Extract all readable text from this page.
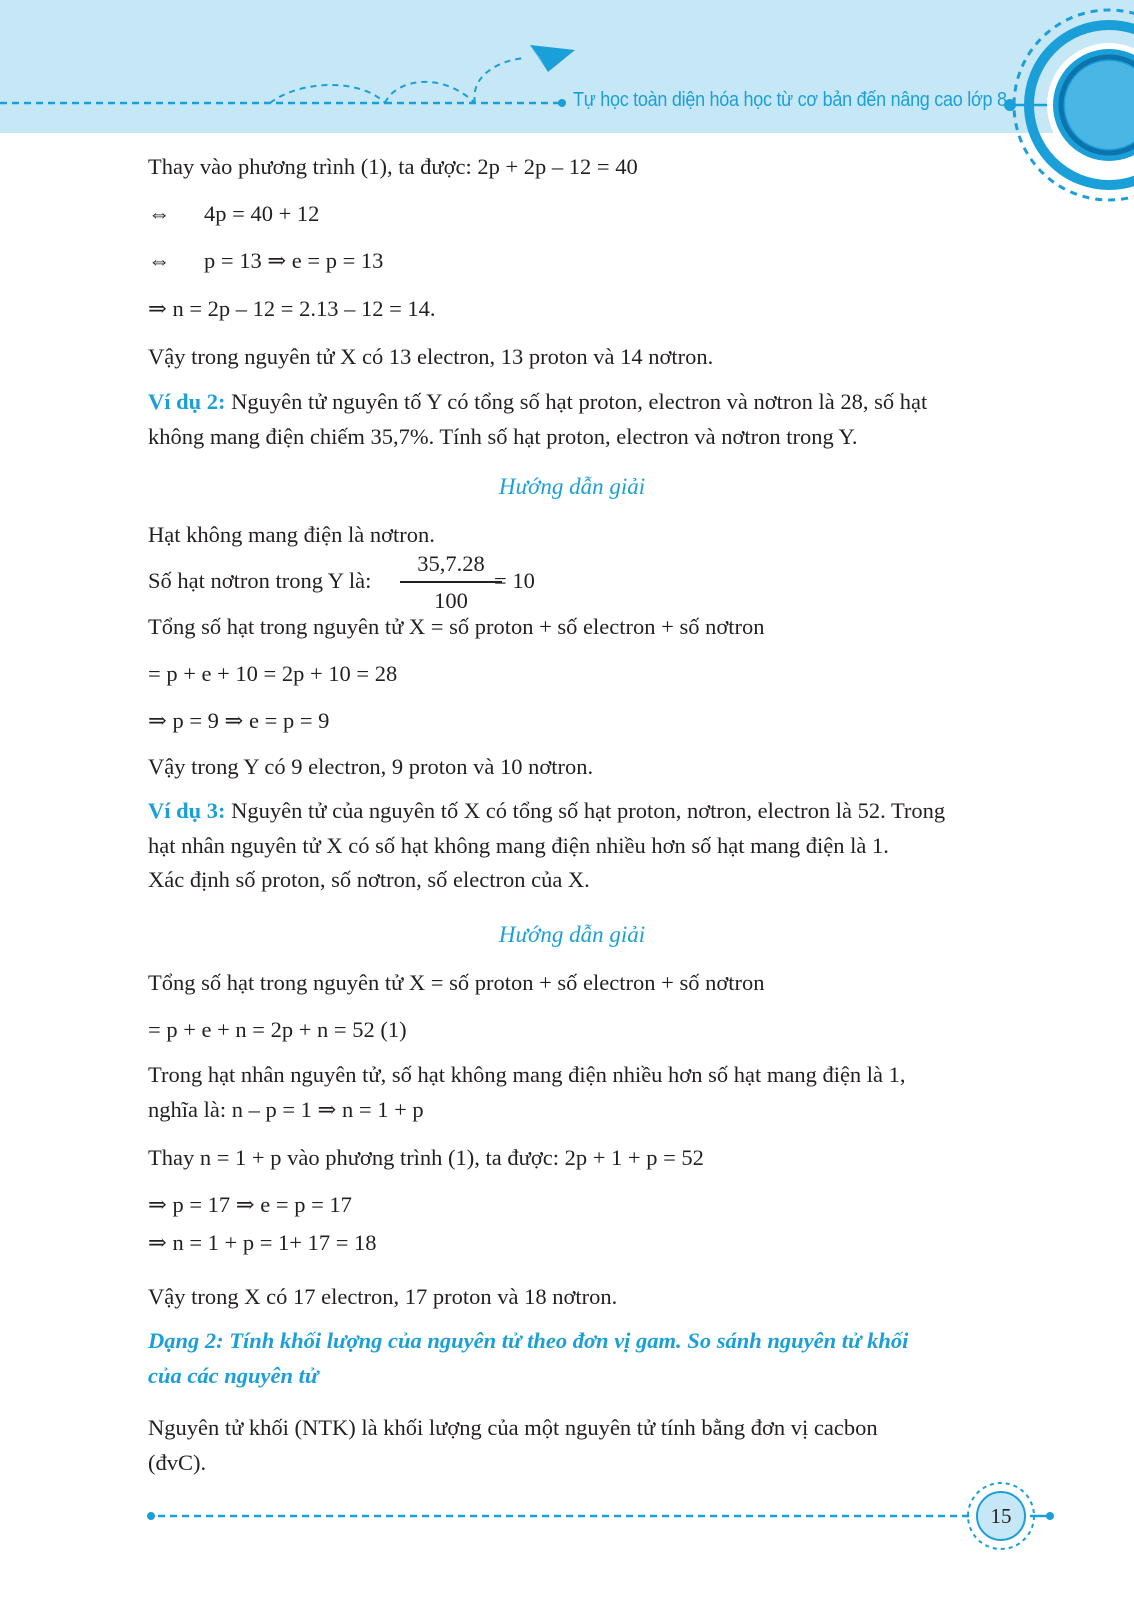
Tự học toàn diện hóa học từ cơ bản đến nâng cao lớp 8
Thay vào phương trình (1), ta được: 2p + 2p – 12 = 40
⇔ 4p = 40 + 12
⇔ p = 13 ⇒ e = p = 13
⇒ n = 2p – 12 = 2.13 – 12 = 14.
Vậy trong nguyên tử X có 13 electron, 13 proton và 14 nơtron.
Ví dụ 2: Nguyên tử nguyên tố Y có tổng số hạt proton, electron và nơtron là 28, số hạt

không mang điện chiếm 35,7%. Tính số hạt proton, electron và nơtron trong Y.
Hướng dẫn giải
Hạt không mang điện là nơtron.
Số hạt nơtron trong Y là:
35,7.28
100
= 10
Tổng số hạt trong nguyên tử X = số proton + số electron + số nơtron
= p + e + 10 = 2p + 10 = 28
⇒ p = 9 ⇒ e = p = 9
Vậy trong Y có 9 electron, 9 proton và 10 nơtron.
Ví dụ 3: Nguyên tử của nguyên tố X có tổng số hạt proton, nơtron, electron là 52. Trong
hạt nhân nguyên tử X có số hạt không mang điện nhiều hơn số hạt mang điện là 1.

Xác định số proton, số nơtron, số electron của X.
Hướng dẫn giải
Tổng số hạt trong nguyên tử X = số proton + số electron + số nơtron
= p + e + n = 2p + n = 52 (1)
Trong hạt nhân nguyên tử, số hạt không mang điện nhiều hơn số hạt mang điện là 1,

nghĩa là: n – p = 1 ⇒ n = 1 + p
Thay n = 1 + p vào phương trình (1), ta được: 2p + 1 + p = 52
⇒ p = 17 ⇒ e = p = 17
⇒ n = 1 + p = 1+ 17 = 18
Vậy trong X có 17 electron, 17 proton và 18 nơtron.
Dạng 2: Tính khối lượng của nguyên tử theo đơn vị gam. So sánh nguyên tử khối
của các nguyên tử
Nguyên tử khối (NTK) là khối lượng của một nguyên tử tính bằng đơn vị cacbon

(đvC).
15
